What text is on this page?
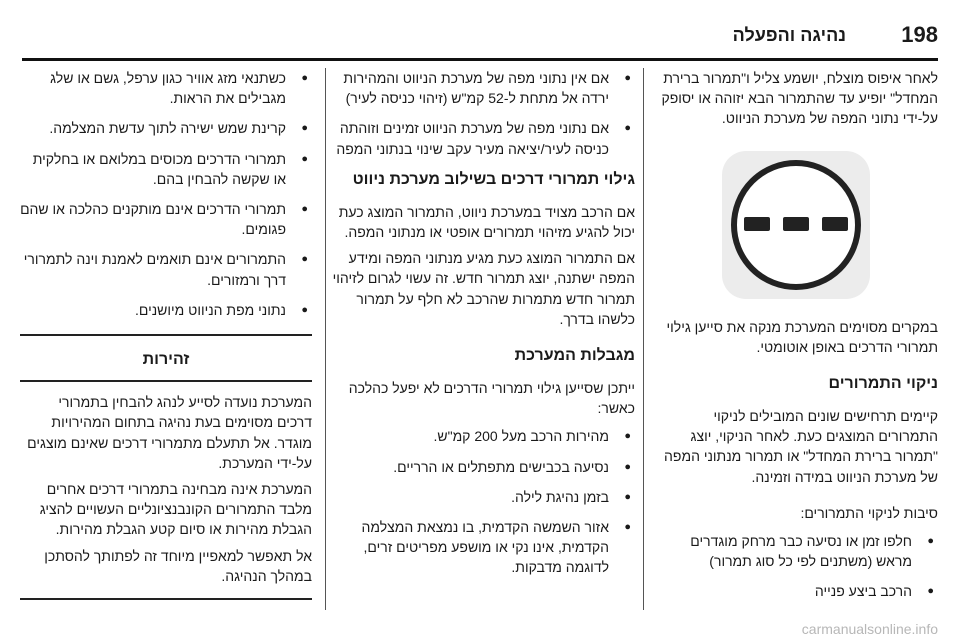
198
נהיגה והפעלה

לאחר איפוס מוצלח, יושמע צליל ו"תמרור ברירת המחדל" יופיע עד שהתמרור הבא יזוהה או יסופק על-ידי נתוני המפה של מערכת הניווט.

במקרים מסוימים המערכת מנקה את סייען גילוי תמרורי הדרכים באופן אוטומטי.

ניקוי התמרורים

קיימים תרחישים שונים המובילים לניקוי התמרורים המוצגים כעת. לאחר הניקוי, יוצג "תמרור ברירת המחדל" או תמרור מנתוני המפה של מערכת הניווט במידה וזמינה.

סיבות לניקוי התמרורים:

● חלפו זמן או נסיעה כבר מרחק מוגדרים מראש (משתנים לפי כל סוג תמרור)
● הרכב ביצע פנייה
● אם אין נתוני מפה של מערכת הניווט והמהירות ירדה אל מתחת ל-52 קמ"ש (זיהוי כניסה לעיר)
● אם נתוני מפה של מערכת הניווט זמינים וזוהתה כניסה לעיר/יציאה מעיר עקב שינוי בנתוני המפה
גילוי תמרורי דרכים בשילוב מערכת ניווט

אם הרכב מצויד במערכת ניווט, התמרור המוצג כעת יכול להגיע מזיהוי תמרורים אופטי או מנתוני המפה.

אם התמרור המוצג כעת מגיע מנתוני המפה ומידע המפה ישתנה, יוצג תמרור חדש. זה עשוי לגרום לזיהוי תמרור חדש מתמרות שהרכב לא חלף על תמרור כלשהו בדרך.

מגבלות המערכת

ייתכן שסייען גילוי תמרורי הדרכים לא יפעל כהלכה כאשר:

● מהירות הרכב מעל 200 קמ"ש.
● נסיעה בכבישים מתפתלים או הרריים.
● בזמן נהיגת לילה.
● אזור השמשה הקדמית, בו נמצאת המצלמה הקדמית, אינו נקי או מושפע מפריטים זרים, לדוגמה מדבקות.
● כשתנאי מזג אוויר כגון ערפל, גשם או שלג מגבילים את הראות.
● קרינת שמש ישירה לתוך עדשת המצלמה.
● תמרורי הדרכים מכוסים במלואם או בחלקית או שקשה להבחין בהם.
● תמרורי הדרכים אינם מותקנים כהלכה או שהם פגומים.
● התמרורים אינם תואמים לאמנת וינה לתמרורי דרך ורמזורים.
● נתוני מפת הניווט מיושנים.
זהירות

המערכת נועדה לסייע לנהג להבחין בתמרורי דרכים מסוימים בעת נהיגה בתחום המהירויות מוגדר. אל תתעלם מתמרורי דרכים שאינם מוצגים על-ידי המערכת.

המערכת אינה מבחינה בתמרורי דרכים אחרים מלבד התמרורים הקונבנציונליים העשויים להציג הגבלת מהירות או סיום קטע הגבלת מהירות.

אל תאפשר למאפיין מיוחד זה לפתותך להסתכן במהלך הנהיגה.

carmanualsonline.info
